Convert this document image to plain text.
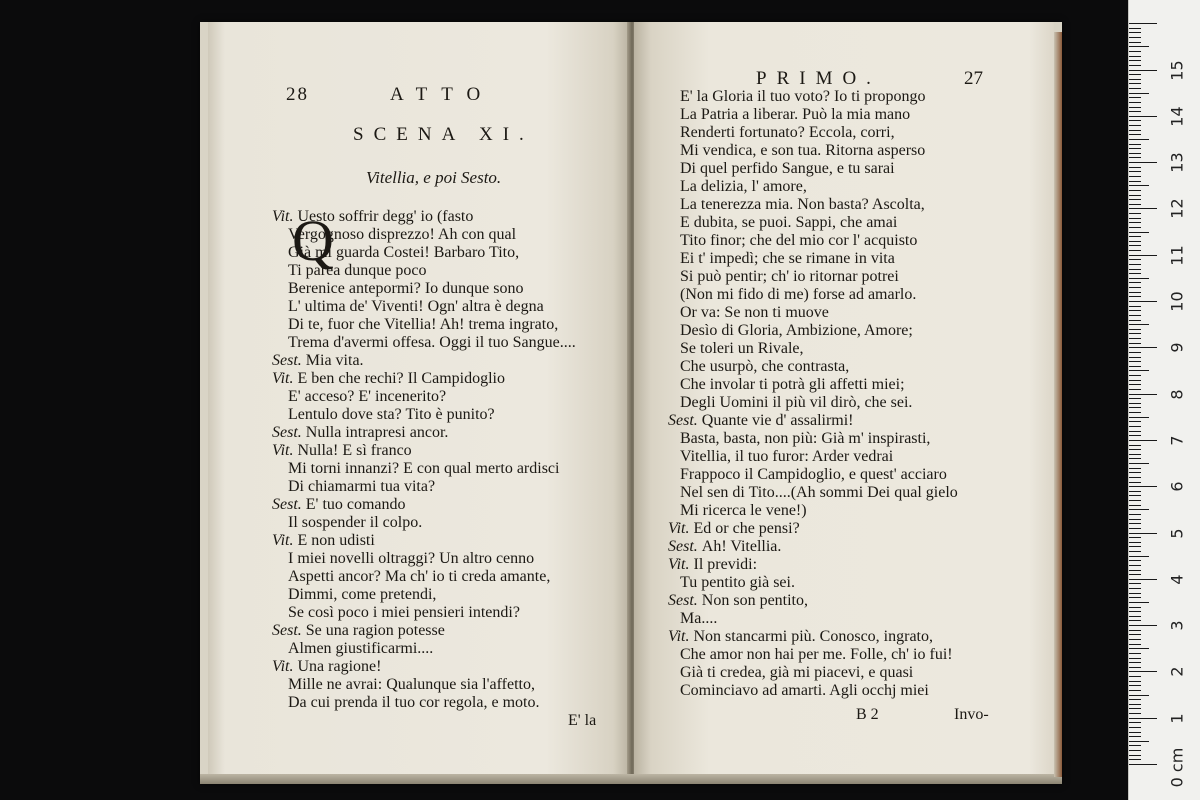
28	ATTO
SCENA XI.
Vitellia, e poi Sesto.
Q
Vit. Uesto soffrir degg' io (fasto
Vergognoso disprezzo! Ah con qual
Già mi guarda Costei! Barbaro Tito,
Ti parea dunque poco
Berenice antepormi? Io dunque sono
L' ultima de' Viventi! Ogn' altra è degna
Di te, fuor che Vitellia! Ah! trema ingrato,
Trema d'avermi offesa. Oggi il tuo Sangue....
Sest. Mia vita.
Vit. E ben che rechi? Il Campidoglio
E' acceso? E' incenerito?
Lentulo dove sta? Tito è punito?
Sest. Nulla intrapresi ancor.
Vit. Nulla! E sì franco
Mi torni innanzi? E con qual merto ardisci
Di chiamarmi tua vita?
Sest. E' tuo comando
Il sospender il colpo.
Vit. E non udisti
I miei novelli oltraggi? Un altro cenno
Aspetti ancor? Ma ch' io ti creda amante,
Dimmi, come pretendi,
Se così poco i miei pensieri intendi?
Sest. Se una ragion potesse
Almen giustificarmi....
Vit. Una ragione!
Mille ne avrai: Qualunque sia l'affetto,
Da cui prenda il tuo cor regola, e moto.
E' la
PRIMO.	27
E' la Gloria il tuo voto? Io ti propongo
La Patria a liberar. Può la mia mano
Renderti fortunato? Eccola, corri,
Mi vendica, e son tua. Ritorna asperso
Di quel perfido Sangue, e tu sarai
La delizia, l' amore,
La tenerezza mia. Non basta? Ascolta,
E dubita, se puoi. Sappi, che amai
Tito finor; che del mio cor l' acquisto
Ei t' impedì; che se rimane in vita
Si può pentir; ch' io ritornar potrei
(Non mi fido di me) forse ad amarlo.
Or va: Se non ti muove
Desìo di Gloria, Ambizione, Amore;
Se toleri un Rivale,
Che usurpò, che contrasta,
Che involar ti potrà gli affetti miei;
Degli Uomini il più vil dirò, che sei.
Sest. Quante vie d' assalirmi!
Basta, basta, non più: Già m' inspirasti,
Vitellia, il tuo furor: Arder vedrai
Frappoco il Campidoglio, e quest' acciaro
Nel sen di Tito....(Ah sommi Dei qual gielo
Mi ricerca le vene!)
Vit. Ed or che pensi?
Sest. Ah! Vitellia.
Vit. Il previdi:
Tu pentito già sei.
Sest. Non son pentito,
Ma....
Vit. Non stancarmi più. Conosco, ingrato,
Che amor non hai per me. Folle, ch' io fui!
Già ti credea, già mi piacevi, e quasi
Cominciavo ad amarti. Agli occhj miei
B 2	Invo-
0 cm
1
2
3
4
5
6
7
8
9
10
11
12
13
14
15
